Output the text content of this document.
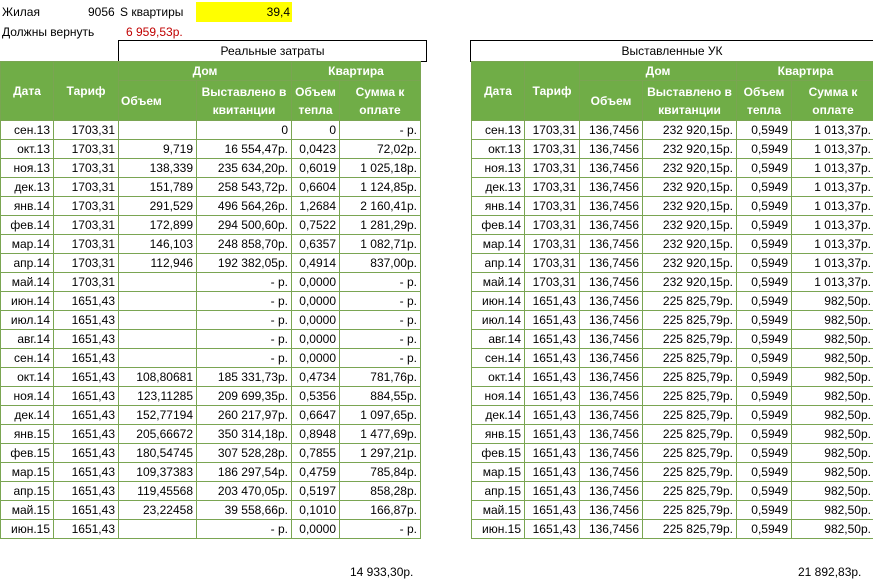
Жилая	9056 S квартиры	39,4
Должны вернуть	6 959,53р.
Реальные затраты	Выставленные УК
Дата	Тариф	Дом		Квартира	
		Объем	Выставлено в квитанции	Объем тепла	Сумма к оплате
сен.13	1703,31		0	0	- р.
окт.13	1703,31	9,719	16 554,47р.	0,0423	72,02р.
ноя.13	1703,31	138,339	235 634,20р.	0,6019	1 025,18р.
дек.13	1703,31	151,789	258 543,72р.	0,6604	1 124,85р.
янв.14	1703,31	291,529	496 564,26р.	1,2684	2 160,41р.
фев.14	1703,31	172,899	294 500,60р.	0,7522	1 281,29р.
мар.14	1703,31	146,103	248 858,70р.	0,6357	1 082,71р.
апр.14	1703,31	112,946	192 382,05р.	0,4914	837,00р.
май.14	1703,31		- р.	0,0000	- р.
июн.14	1651,43		- р.	0,0000	- р.
июл.14	1651,43		- р.	0,0000	- р.
авг.14	1651,43		- р.	0,0000	- р.
сен.14	1651,43		- р.	0,0000	- р.
окт.14	1651,43	108,80681	185 331,73р.	0,4734	781,76р.
ноя.14	1651,43	123,11285	209 699,35р.	0,5356	884,55р.
дек.14	1651,43	152,77194	260 217,97р.	0,6647	1 097,65р.
янв.15	1651,43	205,66672	350 314,18р.	0,8948	1 477,69р.
фев.15	1651,43	180,54745	307 528,28р.	0,7855	1 297,21р.
мар.15	1651,43	109,37383	186 297,54р.	0,4759	785,84р.
апр.15	1651,43	119,45568	203 470,05р.	0,5197	858,28р.
май.15	1651,43	23,22458	39 558,66р.	0,1010	166,87р.
июн.15	1651,43		- р.	0,0000	- р.
14 933,30р.
Дата	Тариф	Дом		Квартира	
		Объем	Выставлено в квитанции	Объем тепла	Сумма к оплате
сен.13	1703,31	136,7456	232 920,15р.	0,5949	1 013,37р.
окт.13	1703,31	136,7456	232 920,15р.	0,5949	1 013,37р.
ноя.13	1703,31	136,7456	232 920,15р.	0,5949	1 013,37р.
дек.13	1703,31	136,7456	232 920,15р.	0,5949	1 013,37р.
янв.14	1703,31	136,7456	232 920,15р.	0,5949	1 013,37р.
фев.14	1703,31	136,7456	232 920,15р.	0,5949	1 013,37р.
мар.14	1703,31	136,7456	232 920,15р.	0,5949	1 013,37р.
апр.14	1703,31	136,7456	232 920,15р.	0,5949	1 013,37р.
май.14	1703,31	136,7456	232 920,15р.	0,5949	1 013,37р.
июн.14	1651,43	136,7456	225 825,79р.	0,5949	982,50р.
июл.14	1651,43	136,7456	225 825,79р.	0,5949	982,50р.
авг.14	1651,43	136,7456	225 825,79р.	0,5949	982,50р.
сен.14	1651,43	136,7456	225 825,79р.	0,5949	982,50р.
окт.14	1651,43	136,7456	225 825,79р.	0,5949	982,50р.
ноя.14	1651,43	136,7456	225 825,79р.	0,5949	982,50р.
дек.14	1651,43	136,7456	225 825,79р.	0,5949	982,50р.
янв.15	1651,43	136,7456	225 825,79р.	0,5949	982,50р.
фев.15	1651,43	136,7456	225 825,79р.	0,5949	982,50р.
мар.15	1651,43	136,7456	225 825,79р.	0,5949	982,50р.
апр.15	1651,43	136,7456	225 825,79р.	0,5949	982,50р.
май.15	1651,43	136,7456	225 825,79р.	0,5949	982,50р.
июн.15	1651,43	136,7456	225 825,79р.	0,5949	982,50р.
21 892,83р.
